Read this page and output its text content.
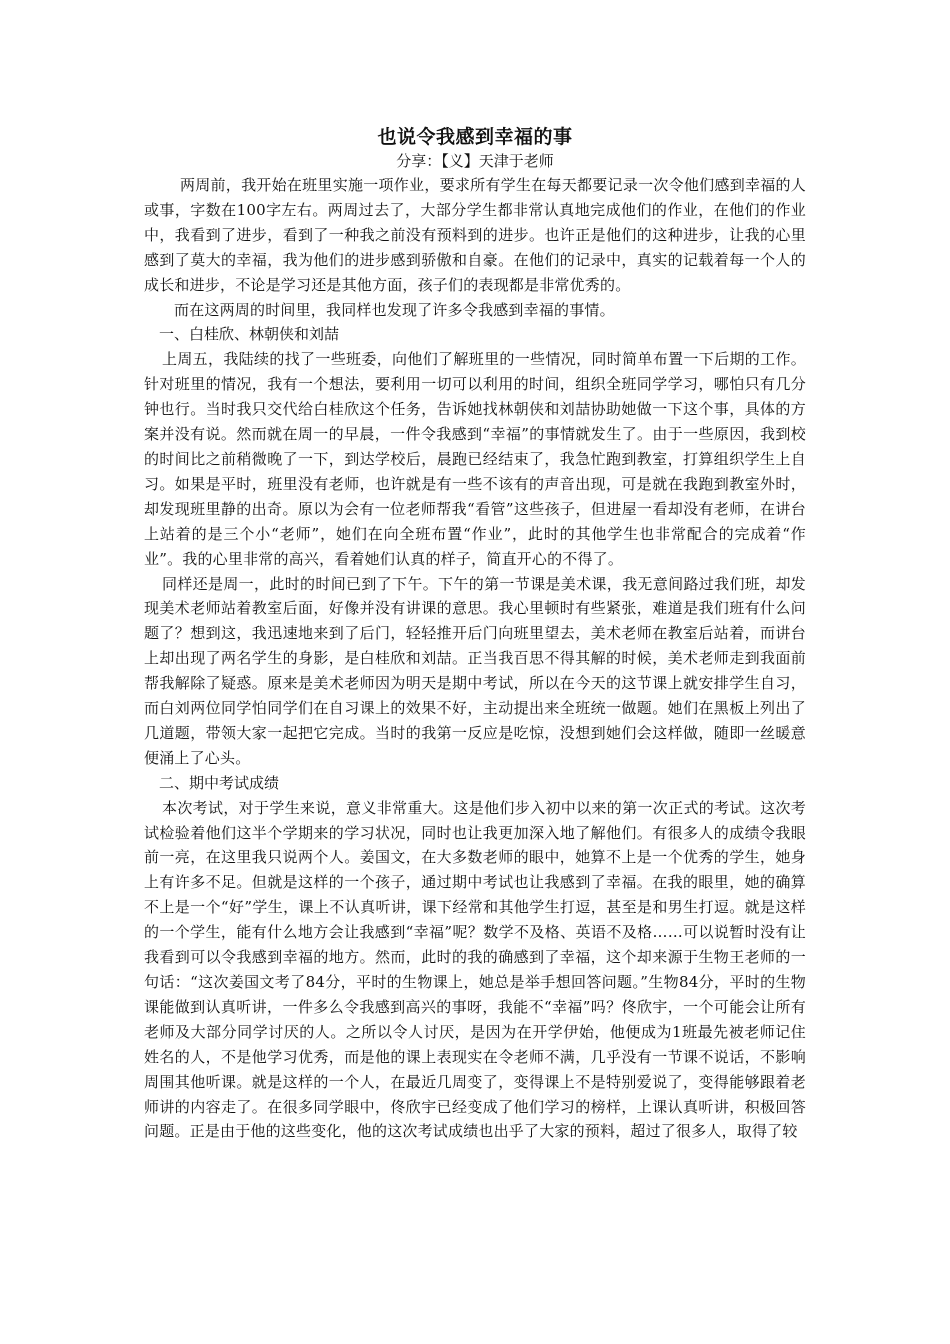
也说令我感到幸福的事

分享：【义】天津于老师

两周前，我开始在班里实施一项作业，要求所有学生在每天都要记录一次令他们感到幸福的人或事，字数在100字左右。两周过去了，大部分学生都非常认真地完成他们的作业，在他们的作业中，我看到了进步，看到了一种我之前没有预料到的进步。也许正是他们的这种进步，让我的心里感到了莫大的幸福，我为他们的进步感到骄傲和自豪。在他们的记录中，真实的记载着每一个人的成长和进步，不论是学习还是其他方面，孩子们的表现都是非常优秀的。

而在这两周的时间里，我同样也发现了许多令我感到幸福的事情。

一、白桂欣、林朝侠和刘喆

上周五，我陆续的找了一些班委，向他们了解班里的一些情况，同时简单布置一下后期的工作。针对班里的情况，我有一个想法，要利用一切可以利用的时间，组织全班同学学习，哪怕只有几分钟也行。当时我只交代给白桂欣这个任务，告诉她找林朝侠和刘喆协助她做一下这个事，具体的方案并没有说。然而就在周一的早晨，一件令我感到“幸福”的事情就发生了。由于一些原因，我到校的时间比之前稍微晚了一下，到达学校后，晨跑已经结束了，我急忙跑到教室，打算组织学生上自习。如果是平时，班里没有老师，也许就是有一些不该有的声音出现，可是就在我跑到教室外时，却发现班里静的出奇。原以为会有一位老师帮我“看管”这些孩子，但进屋一看却没有老师，在讲台上站着的是三个小“老师”，她们在向全班布置“作业”，此时的其他学生也非常配合的完成着“作业”。我的心里非常的高兴，看着她们认真的样子，简直开心的不得了。

同样还是周一，此时的时间已到了下午。下午的第一节课是美术课，我无意间路过我们班，却发现美术老师站着教室后面，好像并没有讲课的意思。我心里顿时有些紧张，难道是我们班有什么问题了？想到这，我迅速地来到了后门，轻轻推开后门向班里望去，美术老师在教室后站着，而讲台上却出现了两名学生的身影，是白桂欣和刘喆。正当我百思不得其解的时候，美术老师走到我面前帮我解除了疑惑。原来是美术老师因为明天是期中考试，所以在今天的这节课上就安排学生自习，而白刘两位同学怕同学们在自习课上的效果不好，主动提出来全班统一做题。她们在黑板上列出了几道题，带领大家一起把它完成。当时的我第一反应是吃惊，没想到她们会这样做，随即一丝暖意便涌上了心头。

二、期中考试成绩

本次考试，对于学生来说，意义非常重大。这是他们步入初中以来的第一次正式的考试。这次考试检验着他们这半个学期来的学习状况，同时也让我更加深入地了解他们。有很多人的成绩令我眼前一亮，在这里我只说两个人。姜国文，在大多数老师的眼中，她算不上是一个优秀的学生，她身上有许多不足。但就是这样的一个孩子，通过期中考试也让我感到了幸福。在我的眼里，她的确算不上是一个“好”学生，课上不认真听讲，课下经常和其他学生打逗，甚至是和男生打逗。就是这样的一个学生，能有什么地方会让我感到“幸福”呢？数学不及格、英语不及格……可以说暂时没有让我看到可以令我感到幸福的地方。然而，此时的我的确感到了幸福，这个却来源于生物王老师的一句话：“这次姜国文考了84分，平时的生物课上，她总是举手想回答问题。”生物84分，平时的生物课能做到认真听讲，一件多么令我感到高兴的事呀，我能不“幸福”吗？佟欣宇，一个可能会让所有老师及大部分同学讨厌的人。之所以令人讨厌，是因为在开学伊始，他便成为1班最先被老师记住姓名的人，不是他学习优秀，而是他的课上表现实在令老师不满，几乎没有一节课不说话，不影响周围其他听课。就是这样的一个人，在最近几周变了，变得课上不是特别爱说了，变得能够跟着老师讲的内容走了。在很多同学眼中，佟欣宇已经变成了他们学习的榜样，上课认真听讲，积极回答问题。正是由于他的这些变化，他的这次考试成绩也出乎了大家的预料，超过了很多人，取得了较
